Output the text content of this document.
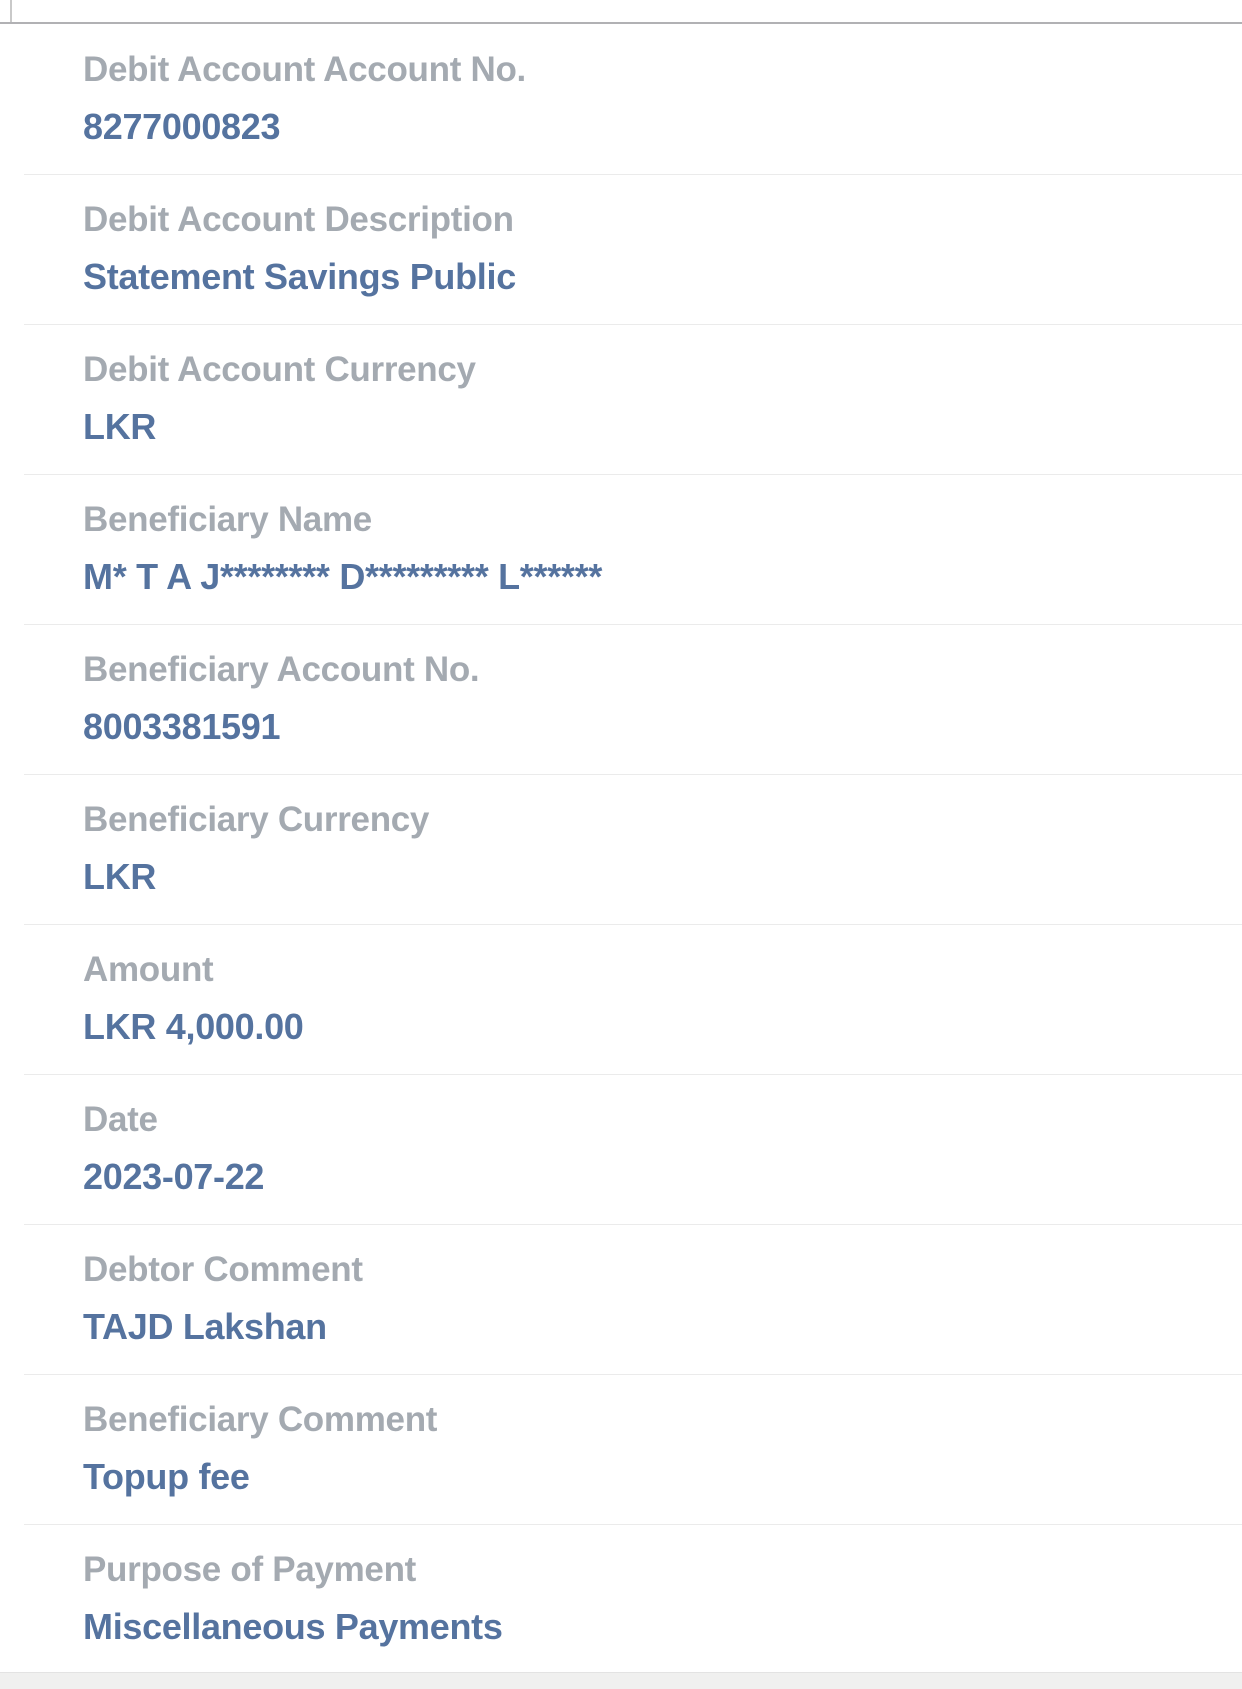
Debit Account Account No.
8277000823
Debit Account Description
Statement Savings Public
Debit Account Currency
LKR
Beneficiary Name
M* T A J******** D********* L******
Beneficiary Account No.
8003381591
Beneficiary Currency
LKR
Amount
LKR 4,000.00
Date
2023-07-22
Debtor Comment
TAJD Lakshan
Beneficiary Comment
Topup fee
Purpose of Payment
Miscellaneous Payments
